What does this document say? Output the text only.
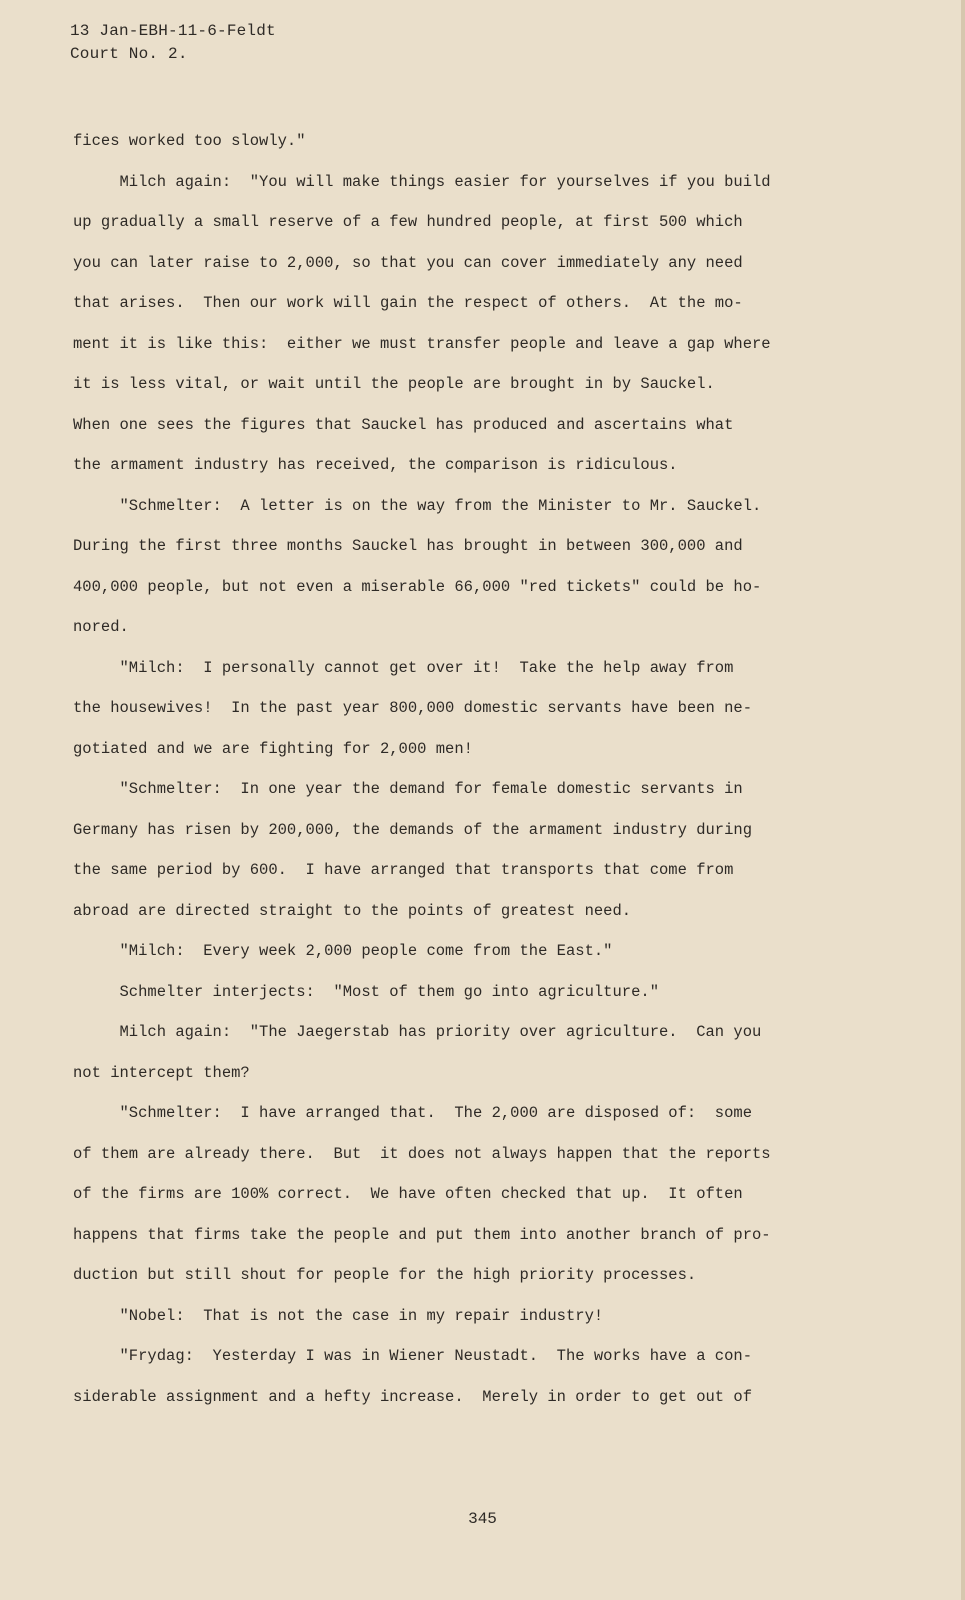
13 Jan-EBH-11-6-Feldt
Court No. 2.
fices worked too slowly."
Milch again:  "You will make things easier for yourselves if you build
up gradually a small reserve of a few hundred people, at first 500 which
you can later raise to 2,000, so that you can cover immediately any need
that arises.  Then our work will gain the respect of others.  At the mo-
ment it is like this:  either we must transfer people and leave a gap where
it is less vital, or wait until the people are brought in by Sauckel.
When one sees the figures that Sauckel has produced and ascertains what
the armament industry has received, the comparison is ridiculous.
"Schmelter:  A letter is on the way from the Minister to Mr. Sauckel.
During the first three months Sauckel has brought in between 300,000 and
400,000 people, but not even a miserable 66,000 "red tickets" could be ho-
nored.
"Milch:  I personally cannot get over it!  Take the help away from
the housewives!  In the past year 800,000 domestic servants have been ne-
gotiated and we are fighting for 2,000 men!
"Schmelter:  In one year the demand for female domestic servants in
Germany has risen by 200,000, the demands of the armament industry during
the same period by 600.  I have arranged that transports that come from
abroad are directed straight to the points of greatest need.
"Milch:  Every week 2,000 people come from the East."
Schmelter interjects:  "Most of them go into agriculture."
Milch again:  "The Jaegerstab has priority over agriculture.  Can you
not intercept them?
"Schmelter:  I have arranged that.  The 2,000 are disposed of:  some
of them are already there.  But  it does not always happen that the reports
of the firms are 100% correct.  We have often checked that up.  It often
happens that firms take the people and put them into another branch of pro-
duction but still shout for people for the high priority processes.
"Nobel:  That is not the case in my repair industry!
"Frydag:  Yesterday I was in Wiener Neustadt.  The works have a con-
siderable assignment and a hefty increase.  Merely in order to get out of
345
